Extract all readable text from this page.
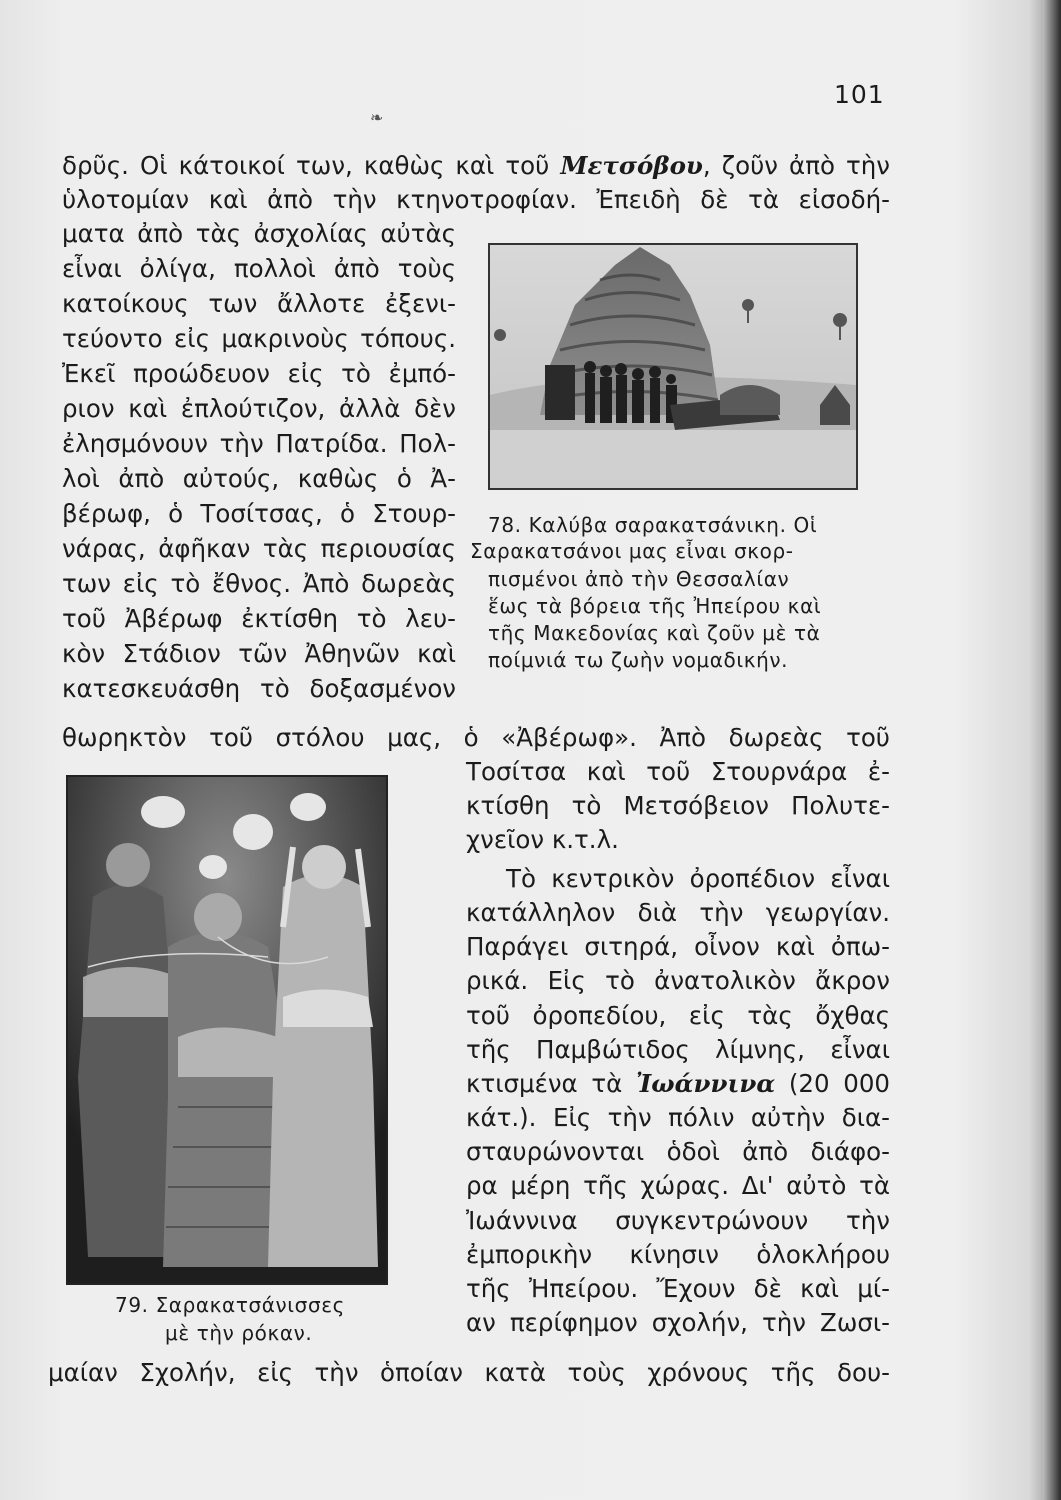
❧
101
δρῦς. Οἱ κάτοικοί των, καθὼς καὶ τοῦ Μετσόβου, ζοῦν ἀπὸ τὴν
ὑλοτομίαν καὶ ἀπὸ τὴν κτηνοτροφίαν. Ἐπειδὴ δὲ τὰ εἰσοδή-
ματα ἀπὸ τὰς ἀσχολίας αὐτὰς
εἶναι ὀλίγα, πολλοὶ ἀπὸ τοὺς
κατοίκους των ἄλλοτε ἐξενι-
τεύοντο εἰς μακρινοὺς τόπους.
Ἐκεῖ προώδευον εἰς τὸ ἐμπό-
ριον καὶ ἐπλούτιζον, ἀλλὰ δὲν
ἐλησμόνουν τὴν Πατρίδα. Πολ-
λοὶ ἀπὸ αὐτούς, καθὼς ὁ Ἀ-
βέρωφ, ὁ Τοσίτσας, ὁ Στουρ-
νάρας, ἀφῆκαν τὰς περιουσίας
των εἰς τὸ ἔθνος. Ἀπὸ δωρεὰς
τοῦ Ἀβέρωφ ἐκτίσθη τὸ λευ-
κὸν Στάδιον τῶν Ἀθηνῶν καὶ
κατεσκευάσθη τὸ δοξασμένον
78. Καλύβα σαρακατσάνικη. Οἱ
Σαρακατσάνοι μας εἶναι σκορ-
πισμένοι ἀπὸ τὴν Θεσσαλίαν
ἕως τὰ βόρεια τῆς Ἠπείρου καὶ
τῆς Μακεδονίας καὶ ζοῦν μὲ τὰ
ποίμνιά τω ζωὴν νομαδικήν.
θωρηκτὸν τοῦ στόλου μας, ὁ «Ἀβέρωφ». Ἀπὸ δωρεὰς τοῦ
Τοσίτσα καὶ τοῦ Στουρνάρα ἐ-
κτίσθη τὸ Μετσόβειον Πολυτε-
χνεῖον κ.τ.λ.
Τὸ κεντρικὸν ὀροπέδιον εἶναι
κατάλληλον διὰ τὴν γεωργίαν.
Παράγει σιτηρά, οἶνον καὶ ὀπω-
ρικά. Εἰς τὸ ἀνατολικὸν ἄκρον
τοῦ ὀροπεδίου, εἰς τὰς ὄχθας
τῆς Παμβώτιδος λίμνης, εἶναι
κτισμένα τὰ Ἰωάννινα (20 000
κάτ.). Εἰς τὴν πόλιν αὐτὴν δια-
σταυρώνονται ὁδοὶ ἀπὸ διάφο-
ρα μέρη τῆς χώρας. Δι' αὐτὸ τὰ
Ἰωάννινα συγκεντρώνουν τὴν
ἐμπορικὴν κίνησιν ὁλοκλήρου
τῆς Ἠπείρου. Ἔχουν δὲ καὶ μί-
αν περίφημον σχολήν, τὴν Ζωσι-
79. Σαρακατσάνισσες
μὲ τὴν ρόκαν.
μαίαν Σχολήν, εἰς τὴν ὁποίαν κατὰ τοὺς χρόνους τῆς δου-
